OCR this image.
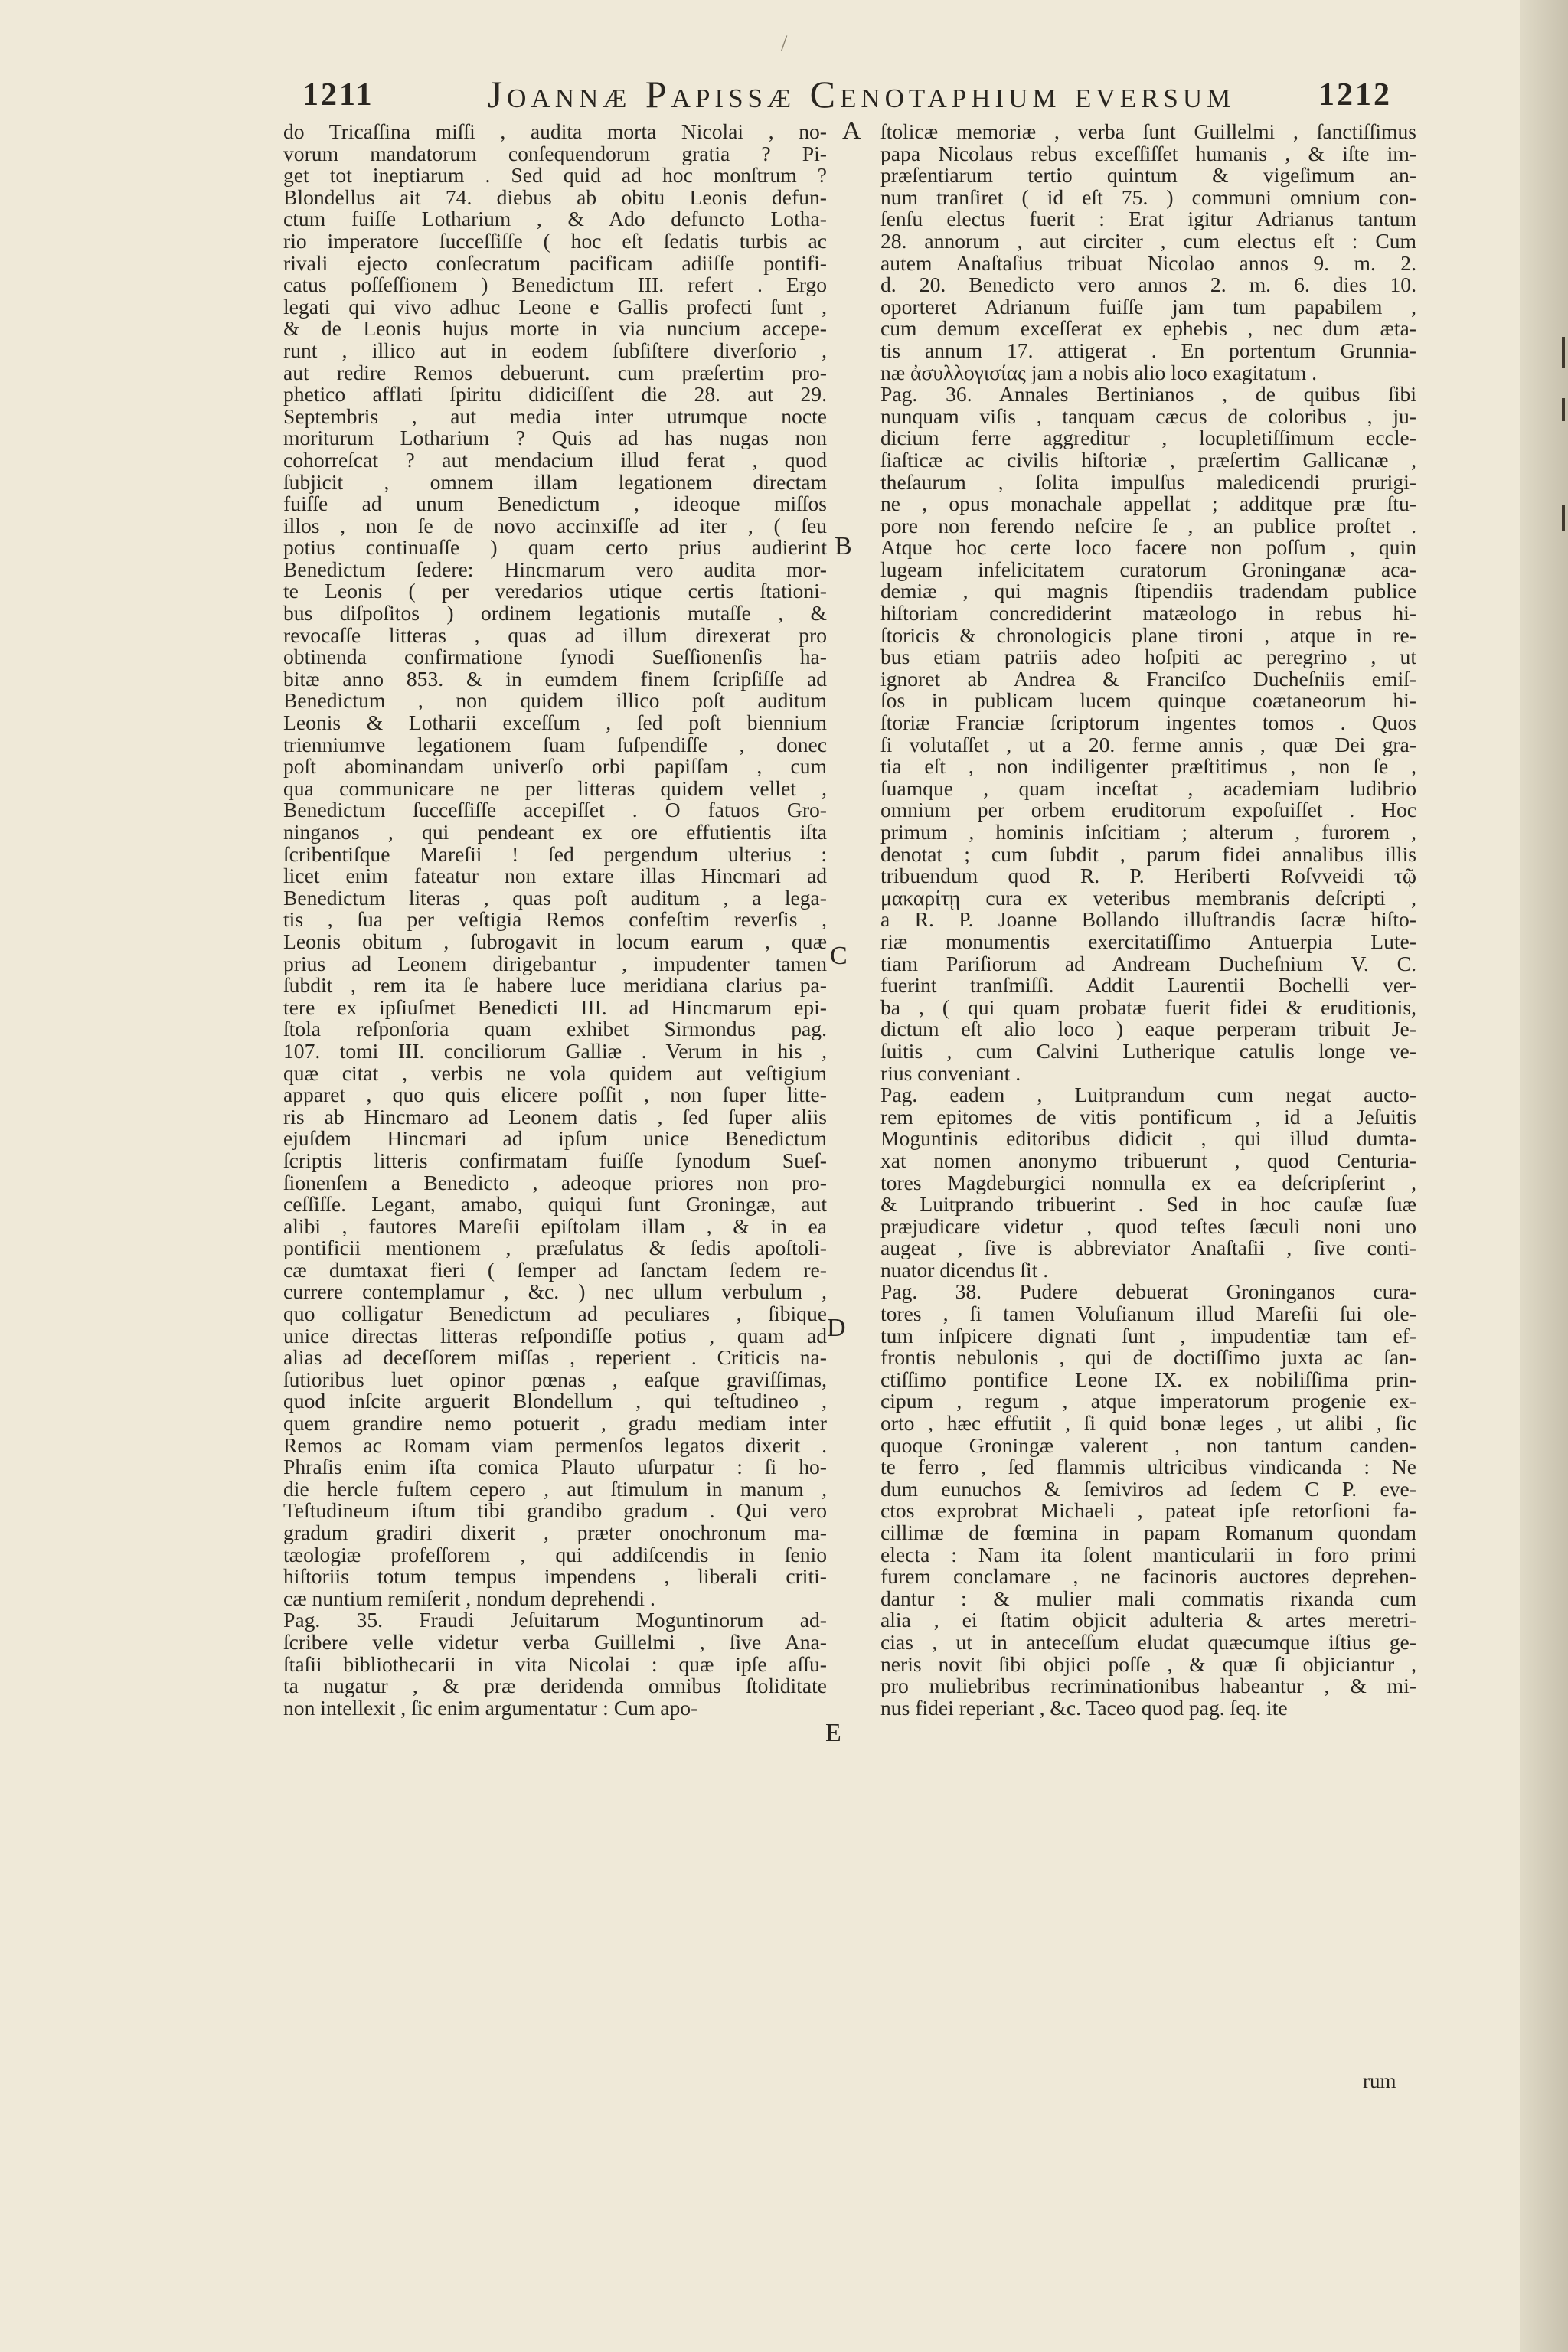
/
1211	Joannæ Papissæ Cenotaphium eversum	1212

do Tricaſſina miſſi , audita morta Nicolai , no-

vorum mandatorum conſequendorum gratia ? Pi-

get tot ineptiarum . Sed quid ad hoc monſtrum ?

Blondellus ait 74. diebus ab obitu Leonis defun-

ctum fuiſſe Lotharium , & Ado defuncto Lotha-

rio imperatore ſucceſſiſſe ( hoc eſt ſedatis turbis ac

rivali ejecto conſecratum pacificam adiiſſe pontifi-

catus poſſeſſionem ) Benedictum III. refert . Ergo

legati qui vivo adhuc Leone e Gallis profecti ſunt ,

& de Leonis hujus morte in via nuncium accepe-

runt , illico aut in eodem ſubſiſtere diverſorio ,

aut redire Remos debuerunt. cum præſertim pro-

phetico afflati ſpiritu didiciſſent die 28. aut 29.

Septembris , aut media inter utrumque nocte

moriturum Lotharium ? Quis ad has nugas non

cohorreſcat ? aut mendacium illud ferat , quod

ſubjicit , omnem illam legationem directam

fuiſſe ad unum Benedictum , ideoque miſſos

illos , non ſe de novo accinxiſſe ad iter , ( ſeu

potius continuaſſe ) quam certo prius audierint

Benedictum ſedere: Hincmarum vero audita mor-

te Leonis ( per veredarios utique certis ſtationi-

bus diſpoſitos ) ordinem legationis mutaſſe , &

revocaſſe litteras , quas ad illum direxerat pro

obtinenda confirmatione ſynodi Sueſſionenſis ha-

bitæ anno 853. & in eumdem finem ſcripſiſſe ad

Benedictum , non quidem illico poſt auditum

Leonis & Lotharii exceſſum , ſed poſt biennium

trienniumve legationem ſuam ſuſpendiſſe , donec

poſt abominandam univerſo orbi papiſſam , cum

qua communicare ne per litteras quidem vellet ,

Benedictum ſucceſſiſſe accepiſſet . O fatuos Gro-

ninganos , qui pendeant ex ore effutientis iſta

ſcribentiſque Mareſii ! ſed pergendum ulterius :

licet enim fateatur non extare illas Hincmari ad

Benedictum literas , quas poſt auditum , a lega-

tis , ſua per veſtigia Remos confeſtim reverſis ,

Leonis obitum , ſubrogavit in locum earum , quæ

prius ad Leonem dirigebantur , impudenter tamen

ſubdit , rem ita ſe habere luce meridiana clarius pa-

tere ex ipſiuſmet Benedicti III. ad Hincmarum epi-

ſtola reſponſoria quam exhibet Sirmondus pag.

107. tomi III. conciliorum Galliæ . Verum in his ,

quæ citat , verbis ne vola quidem aut veſtigium

apparet , quo quis elicere poſſit , non ſuper litte-

ris ab Hincmaro ad Leonem datis , ſed ſuper aliis

ejuſdem Hincmari ad ipſum unice Benedictum

ſcriptis litteris confirmatam fuiſſe ſynodum Sueſ-

ſionenſem a Benedicto , adeoque priores non pro-

ceſſiſſe. Legant, amabo, quiqui ſunt Groningæ, aut

alibi , fautores Mareſii epiſtolam illam , & in ea

pontificii mentionem , præſulatus & ſedis apoſtoli-

cæ dumtaxat fieri ( ſemper ad ſanctam ſedem re-

currere contemplamur , &c. ) nec ullum verbulum ,

quo colligatur Benedictum ad peculiares , ſibique

unice directas litteras reſpondiſſe potius , quam ad

alias ad deceſſorem miſſas , reperient . Criticis na-

ſutioribus luet opinor pœnas , eaſque graviſſimas,

quod inſcite arguerit Blondellum , qui teſtudineo ,

quem grandire nemo potuerit , gradu mediam inter

Remos ac Romam viam permenſos legatos dixerit .

Phraſis enim iſta comica Plauto uſurpatur : ſi ho-

die hercle fuſtem cepero , aut ſtimulum in manum ,

Teſtudineum iſtum tibi grandibo gradum . Qui vero

gradum gradiri dixerit , præter onochronum ma-

tæologiæ profeſſorem , qui addiſcendis in ſenio

hiſtoriis totum tempus impendens , liberali criti-

cæ nuntium remiſerit , nondum deprehendi .

Pag. 35. Fraudi Jeſuitarum Moguntinorum ad-

ſcribere velle videtur verba Guillelmi , ſive Ana-

ſtaſii bibliothecarii in vita Nicolai : quæ ipſe aſſu-

ta nugatur , & præ deridenda omnibus ſtoliditate

non intellexit , ſic enim argumentatur : Cum apo-

ſtolicæ memoriæ , verba ſunt Guillelmi , ſanctiſſimus

papa Nicolaus rebus exceſſiſſet humanis , & iſte im-

præſentiarum tertio quintum & vigeſimum an-

num tranſiret ( id eſt 75. ) communi omnium con-

ſenſu electus fuerit : Erat igitur Adrianus tantum

28. annorum , aut circiter , cum electus eſt : Cum

autem Anaſtaſius tribuat Nicolao annos 9. m. 2.

d. 20. Benedicto vero annos 2. m. 6. dies 10.

oporteret Adrianum fuiſſe jam tum papabilem ,

cum demum exceſſerat ex ephebis , nec dum æta-

tis annum 17. attigerat . En portentum Grunnia-

næ ἀσυλλογισίας jam a nobis alio loco exagitatum .

Pag. 36. Annales Bertinianos , de quibus ſibi

nunquam viſis , tanquam cæcus de coloribus , ju-

dicium ferre aggreditur , locupletiſſimum eccle-

ſiaſticæ ac civilis hiſtoriæ , præſertim Gallicanæ ,

theſaurum , ſolita impulſus maledicendi prurigi-

ne , opus monachale appellat ; additque præ ſtu-

pore non ferendo neſcire ſe , an publice proſtet .

Atque hoc certe loco facere non poſſum , quin

lugeam infelicitatem curatorum Groninganæ aca-

demiæ , qui magnis ſtipendiis tradendam publice

hiſtoriam concrediderint matæologo in rebus hi-

ſtoricis & chronologicis plane tironi , atque in re-

bus etiam patriis adeo hoſpiti ac peregrino , ut

ignoret ab Andrea & Franciſco Ducheſniis emiſ-

ſos in publicam lucem quinque coætaneorum hi-

ſtoriæ Franciæ ſcriptorum ingentes tomos . Quos

ſi volutaſſet , ut a 20. ferme annis , quæ Dei gra-

tia eſt , non indiligenter præſtitimus , non ſe ,

ſuamque , quam inceſtat , academiam ludibrio

omnium per orbem eruditorum expoſuiſſet . Hoc

primum , hominis inſcitiam ; alterum , furorem ,

denotat ; cum ſubdit , parum fidei annalibus illis

tribuendum quod R. P. Heriberti Roſvveidi τῷ

μακαρίτῃ cura ex veteribus membranis deſcripti ,

a R. P. Joanne Bollando illuſtrandis ſacræ hiſto-

riæ monumentis exercitatiſſimo Antuerpia Lute-

tiam Pariſiorum ad Andream Ducheſnium V. C.

fuerint tranſmiſſi. Addit Laurentii Bochelli ver-

ba , ( qui quam probatæ fuerit fidei & eruditionis,

dictum eſt alio loco ) eaque perperam tribuit Je-

ſuitis , cum Calvini Lutherique catulis longe ve-

rius conveniant .

Pag. eadem , Luitprandum cum negat aucto-

rem epitomes de vitis pontificum , id a Jeſuitis

Moguntinis editoribus didicit , qui illud dumta-

xat nomen anonymo tribuerunt , quod Centuria-

tores Magdeburgici nonnulla ex ea deſcripſerint ,

& Luitprando tribuerint . Sed in hoc cauſæ ſuæ

præjudicare videtur , quod teſtes ſæculi noni uno

augeat , ſive is abbreviator Anaſtaſii , ſive conti-

nuator dicendus ſit .

Pag. 38. Pudere debuerat Groninganos cura-

tores , ſi tamen Voluſianum illud Mareſii ſui ole-

tum inſpicere dignati ſunt , impudentiæ tam ef-

frontis nebulonis , qui de doctiſſimo juxta ac ſan-

ctiſſimo pontifice Leone IX. ex nobiliſſima prin-

cipum , regum , atque imperatorum progenie ex-

orto , hæc effutiit , ſi quid bonæ leges , ut alibi , ſic

quoque Groningæ valerent , non tantum canden-

te ferro , ſed flammis ultricibus vindicanda : Ne

dum eunuchos & ſemiviros ad ſedem C P. eve-

ctos exprobrat Michaeli , pateat ipſe retorſioni fa-

cillimæ de fœmina in papam Romanum quondam

electa : Nam ita ſolent manticularii in foro primi

furem conclamare , ne facinoris auctores deprehen-

dantur : & mulier mali commatis rixanda cum

alia , ei ſtatim objicit adulteria & artes meretri-

cias , ut in anteceſſum eludat quæcumque iſtius ge-

neris novit ſibi objici poſſe , & quæ ſi objiciantur ,

pro muliebribus recriminationibus habeantur , & mi-

nus fidei reperiant , &c. Taceo quod pag. ſeq. ite

A
B
C
D
E
rum
